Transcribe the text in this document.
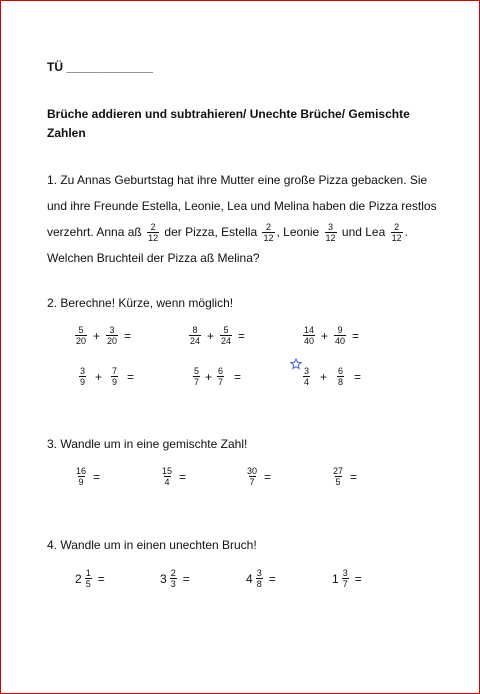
TÜ _____________
Brüche addieren und subtrahieren/ Unechte Brüche/ Gemischte Zahlen
1. Zu Annas Geburtstag hat ihre Mutter eine große Pizza gebacken. Sie und ihre Freunde Estella, Leonie, Lea und Melina haben die Pizza restlos verzehrt. Anna aß $\frac{2}{12}$ der Pizza, Estella $\frac{2}{12}$ , Leonie $\frac{3}{12}$ und Lea $\frac{2}{12}$ . Welchen Bruchteil der Pizza aß Melina?
2. Berechne! Kürze, wenn möglich!
$\frac{5}{20} + \frac{3}{20}$ =	$\frac{8}{24} + \frac{5}{24}$ =	$\frac{14}{40} + \frac{9}{40}$ =
$\frac{3}{9} + \frac{7}{9}$ =	$\frac{5}{7} + \frac{6}{7}$ =	$\frac{3}{4} + \frac{6}{8}$ =
3. Wandle um in eine gemischte Zahl!
$\frac{16}{9}$ =	$\frac{15}{4}$ =	$\frac{30}{7}$ =	$\frac{27}{5}$ =
4. Wandle um in einen unechten Bruch!
$2 \frac{1}{5}$ =	$3 \frac{2}{3}$ =	$4 \frac{3}{8}$ =	$1 \frac{3}{7}$ =
